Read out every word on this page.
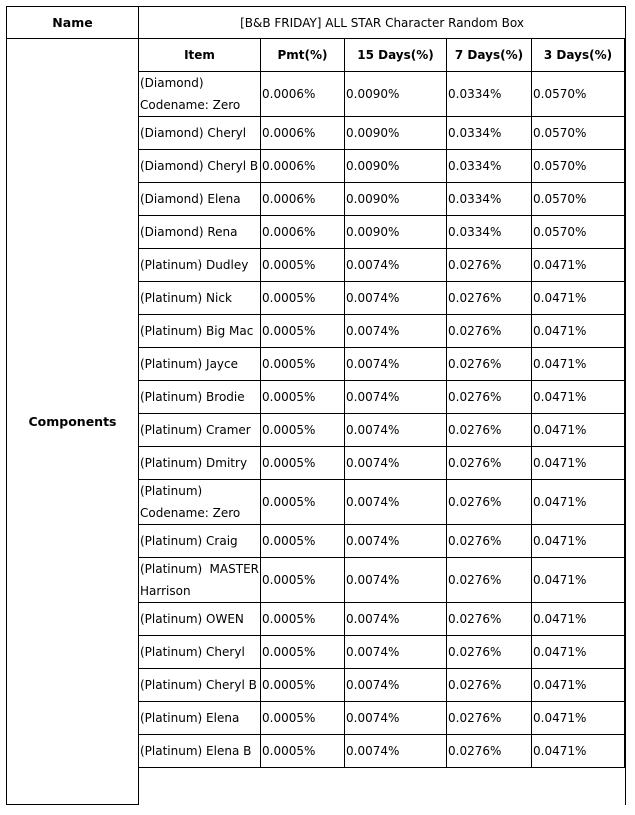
Name	[B&B FRIDAY] ALL STAR Character Random Box
Components	
Item	Pmt(%)	15 Days(%)	7 Days(%)	3 Days(%)
(Diamond) Codename: Zero	0.0006%	0.0090%	0.0334%	0.0570%
(Diamond) Cheryl	0.0006%	0.0090%	0.0334%	0.0570%
(Diamond) Cheryl B	0.0006%	0.0090%	0.0334%	0.0570%
(Diamond) Elena	0.0006%	0.0090%	0.0334%	0.0570%
(Diamond) Rena	0.0006%	0.0090%	0.0334%	0.0570%
(Platinum) Dudley	0.0005%	0.0074%	0.0276%	0.0471%
(Platinum) Nick	0.0005%	0.0074%	0.0276%	0.0471%
(Platinum) Big Mac	0.0005%	0.0074%	0.0276%	0.0471%
(Platinum) Jayce	0.0005%	0.0074%	0.0276%	0.0471%
(Platinum) Brodie	0.0005%	0.0074%	0.0276%	0.0471%
(Platinum) Cramer	0.0005%	0.0074%	0.0276%	0.0471%
(Platinum) Dmitry	0.0005%	0.0074%	0.0276%	0.0471%
(Platinum) Codename: Zero	0.0005%	0.0074%	0.0276%	0.0471%
(Platinum) Craig	0.0005%	0.0074%	0.0276%	0.0471%
(Platinum) MASTER Harrison	0.0005%	0.0074%	0.0276%	0.0471%
(Platinum) OWEN	0.0005%	0.0074%	0.0276%	0.0471%
(Platinum) Cheryl	0.0005%	0.0074%	0.0276%	0.0471%
(Platinum) Cheryl B	0.0005%	0.0074%	0.0276%	0.0471%
(Platinum) Elena	0.0005%	0.0074%	0.0276%	0.0471%
(Platinum) Elena B	0.0005%	0.0074%	0.0276%	0.0471%
